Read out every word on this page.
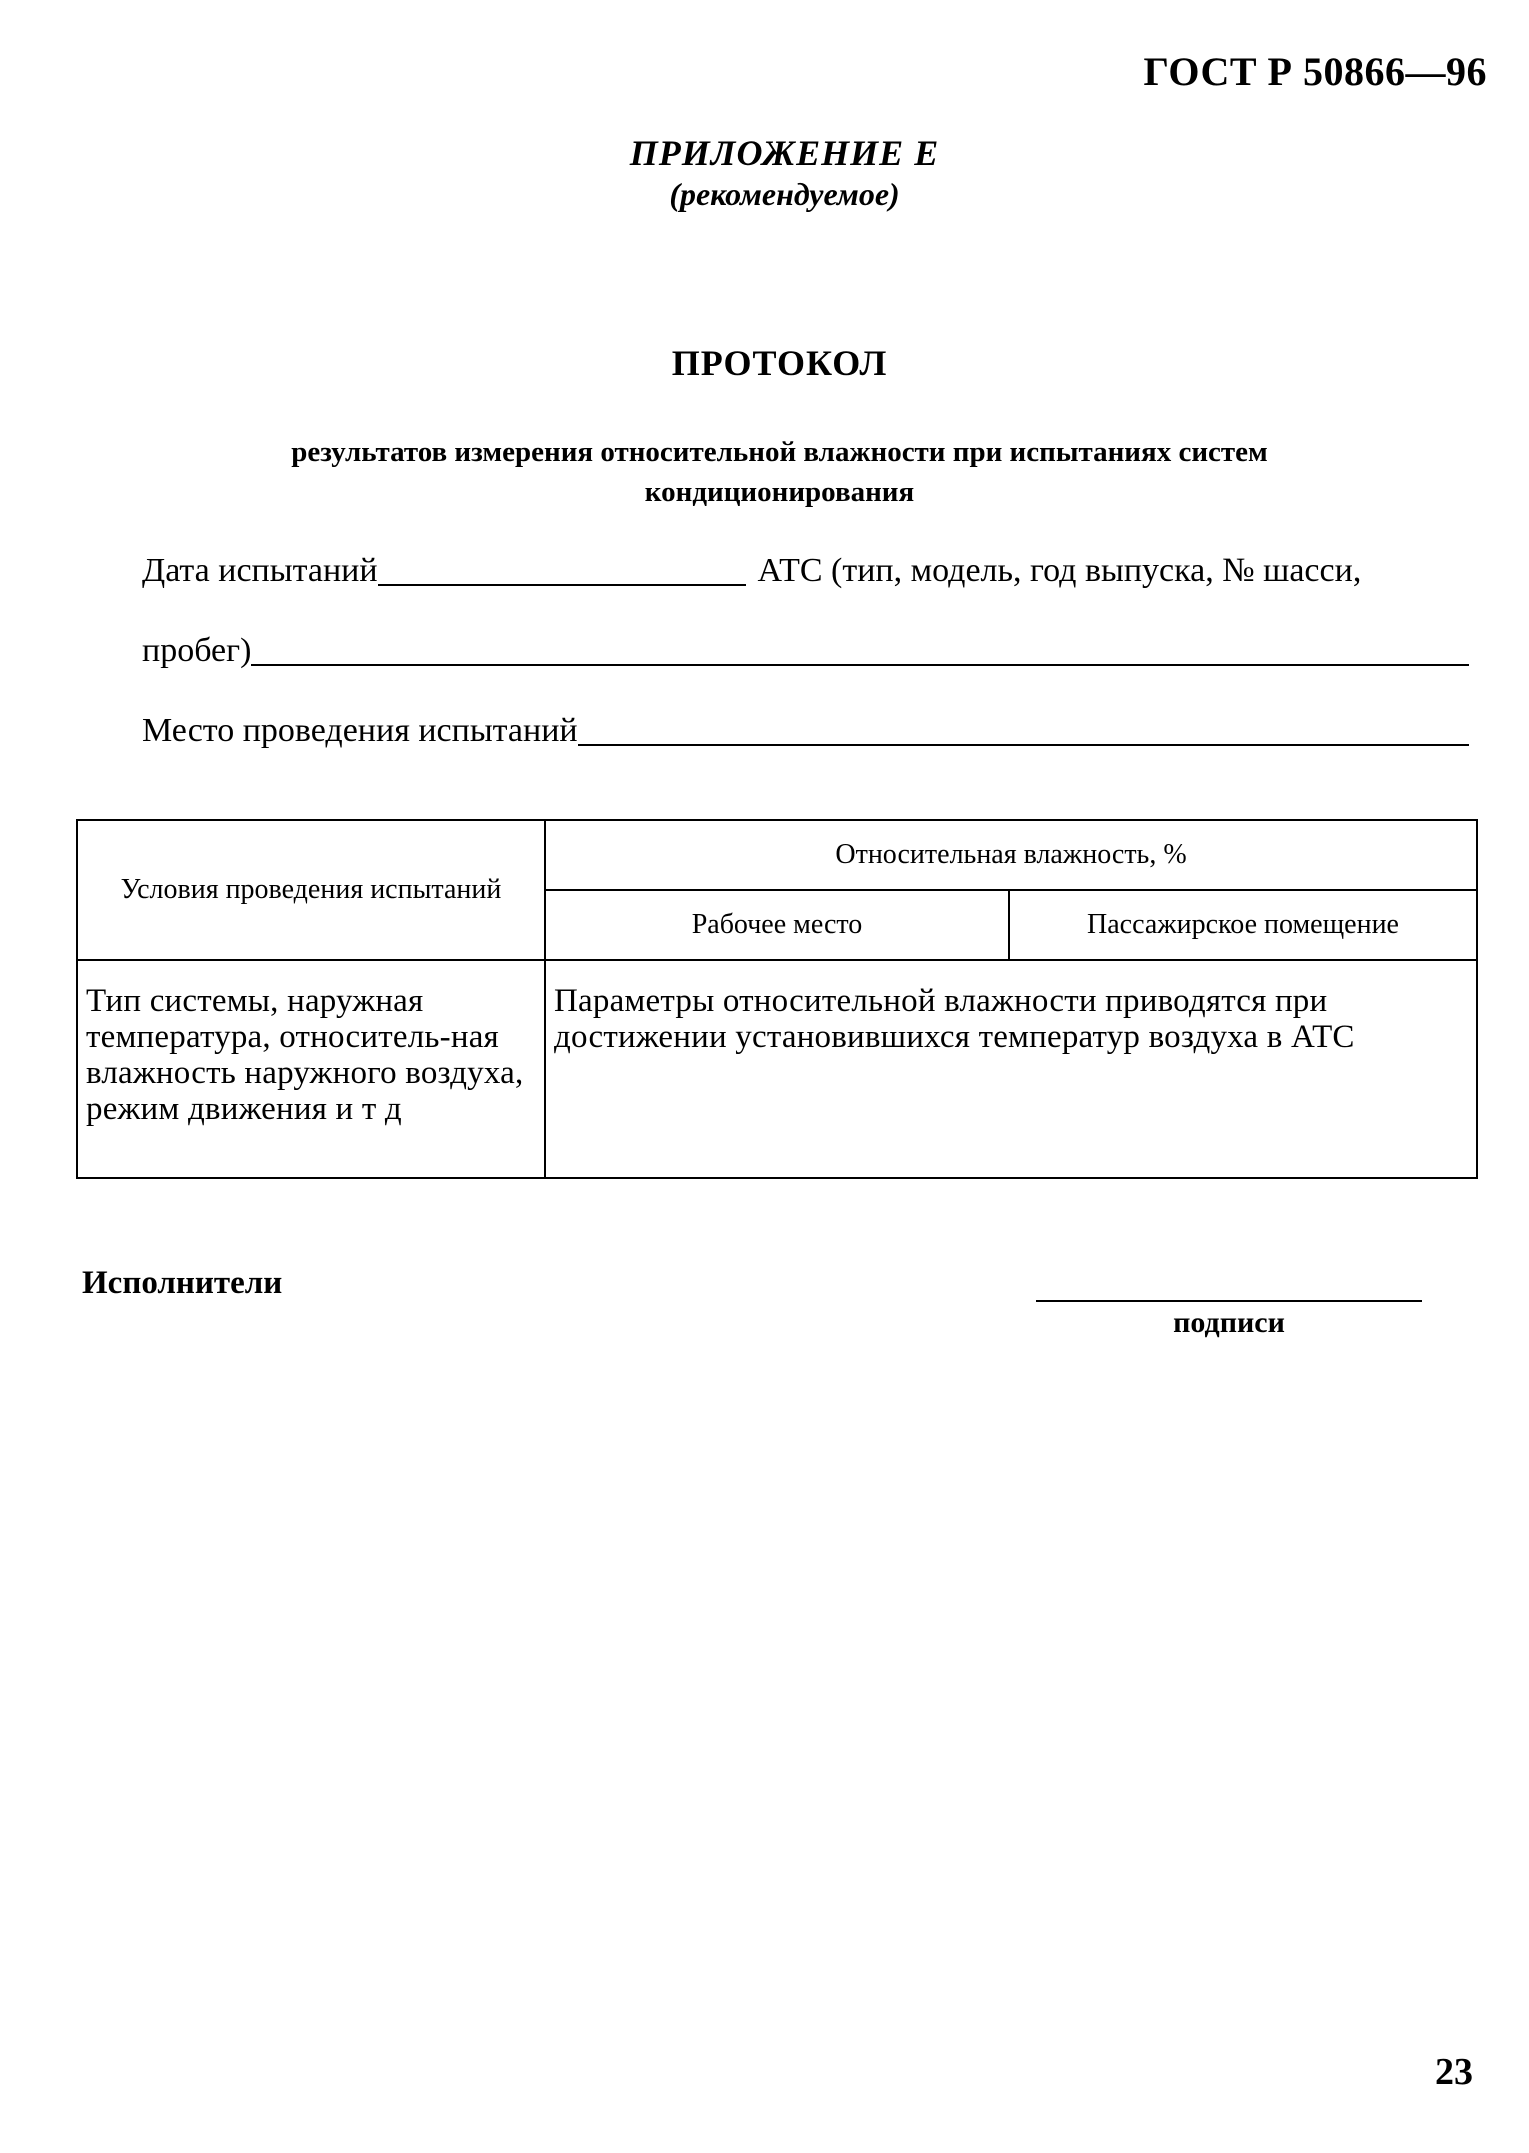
ГОСТ Р 50866—96
ПРИЛОЖЕНИЕ Е
(рекомендуемое)
ПРОТОКОЛ
результатов измерения относительной влажности при испытаниях систем
кондиционирования
Дата испытаний	АТС (тип, модель, год выпуска, № шасси,
пробег)
Место проведения испытаний
Условия проведения испытаний	Относительная влажность, %	
	Рабочее место	Пассажирское помещение
Тип системы, наружная температура, относитель-ная влажность наружного воздуха, режим движения и т д	Параметры относительной влажности приводятся при достижении установившихся температур воздуха в АТС	
Исполнители
подписи
23
